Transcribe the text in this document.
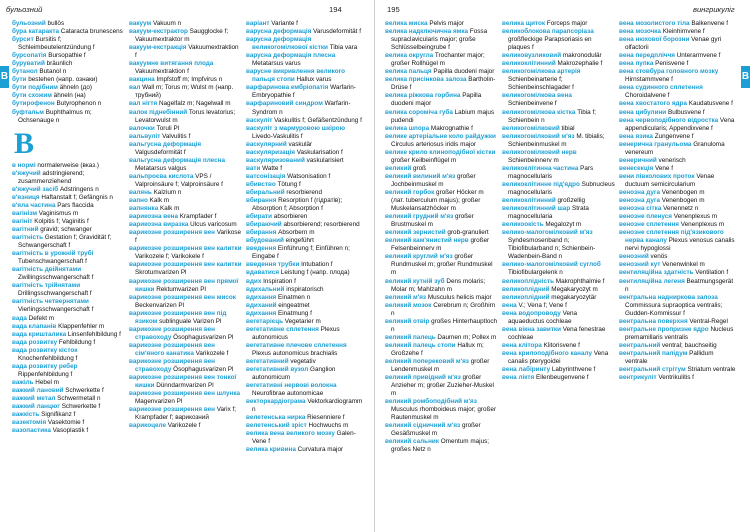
бульозний	194
В
бульозний bullös
бура катаракта Cataracta brunescens
бурсит Bursitis f; Schleimbeutelentzündung f
бурсопатія Bursopathie f
буруватий bräunlich
бутанол Butanol n
бути bestehen (напр. ознаки)
бути подібним ähneln (до)
бути схожим ähneln (на)
бутирофенон Butyrophenon n
буфтальм Buphthalmus m; Ochsenauge n
В
в нормі normalerweise (вказ.)
в'яжучий adstringierend; zusammenziehend
в'яжучий засіб Adstringens n
в'язниця Haftanstalt f; Gefängnis n
в'яла частина Pars flaccida
вагінізм Vaginismus m
вагініт Kolpitis f; Vaginitis f
вагітний gravid; schwanger
вагітність Gestation f; Gravidität f; Schwangerschaft f
вагітність в урожній трубі Tubenschwangerschaft f
вагітність двійнятами Zwillingsschwangerschaft f
вагітність трійнятами Drillingsschwangerschaft f
вагітність четвернятами Vierlingsschwangerschaft f
вада Defekt m
вада клапанів Klappenfehler m
вада кришталика Linsenfehlbildung f
вада розвитку Fehlbildung f
вада розвитку кісток Knochenfehlbildung f
вада розвитку ребер Rippenfehlbildung f
важіль Hebel m
важкий лановий Schwerkette f
важкий метал Schwermetall n
важкий ланцюг Schwerkette f
важкість Signifikanz f
вазектомія Vasektomie f
вазопастика Vasoplastik f
вакуум Vakuum n
вакуум-екстрактор Saugglocke f; Vakuumextraktor m
вакуум-екстракція Vakuumextraktion f
вакуумне витягання плода Vakuumextraktion f
вакцина Impfstoff m; Impfvirus n
вал Wall m; Torus m; Wulst m (напр. трубний)
вал нігтя Nagelfalz m; Nagelwall m
валок піднебінний Torus levatorius; Levatorwulst m
валочки Toruli Pl
вальвуліт Valvulitis f
вальгусна деформація Valgusdeformität f
вальгусна деформація плесна Metatarsus valgus
вальпроєва кислота VPS / Valproinsäure f; Valproinsäure f
валянь Kalzium n
вапно Kalk m
вапнянка Kalk m
варикозна вена Krampfader f
варикозна виразка Ulcus varicosum
варикозне розширення вен Varikose f
варикозне розширення вен калитки Varikozele f; Varikokele f
варикозне розширення вен калитки Skrotumvarizen Pl
варикозне розширення вен прямої кишки Rektumvarizen Pl
варикозне розширення вен мисок Beckenvarizen Pl
варикозне розширення вен під язиком sublinguale Varizen Pl
варикозне розширення вен стравоходу Ösophagusvarizen Pl
варикозне розширення вен сім'яного канатика Varikozele f
варикозне розширення вен стравоходу Ösophagusvarizen Pl
варикозне розширення вен тонкої кишки Dünndarmvarizen Pl
варикозне розширення вен шлунка Magenvarizen Pl
варикозне розширення вен Varix f; Krampfader f; варикозний
варикоцеле Varikozele f
варіант Variante f
варусна деформація Varusdeformität f
варусна деформація великогомілкової кістки Tibia vara
варусна деформація плесна Metatarsus varus
варусне викривлення великого пальця стопи Hallux varus
варфаринова ембріопатія Warfarin-Embryopathie f
варфариновий синдром Warfarin-Syndrom n
васкуліт Vaskulitis f; Gefäßentzündung f
васкуліт з мармуровою шкірою Livedo-Vaskulitis f
васкулярний vaskulär
васкуляризація Vaskularisation f
васкуляризований vaskularisiert
вати Watte f
ватсонізація Watsonisation f
вбивство Tötung f
вбиральний resorbierend
вбирання Resorption f (гідратів); Absorption f; Absorption f
вбирати absorbieren
вбираючий absorbierend; resorbierend
вбирання Absorbern m
вбудований eingeführt
введення Einführung f; Einführen n; Eingabe f
введення трубки Intubation f
вдаватися Leistung f (напр. плода)
вдих Inspiration f
вдихальний inspiratorisch
вдихання Einatmen n
вдиханий eingeatmet
вдихання Einatmung f
вегетарієць Vegetarier m
вегетативне сплетення Plexus autonomicus
вегетативне плечове сплетення Plexus autonomicus brachialis
вегетативний vegetativ
вегетативний вузол Ganglion autonomicum
вегетативні нервові волокна Neurofibrae autonomicae
векторкардіограма Vektorkardiogramm n
велетенська нирка Riesenniere f
велетенський зріст Hochwuchs m
велика вена великого мозку Galen-Vene f
велика кривина Curvatura major
195	вингрикуліг
В
велика миска Pelvis major
велика надключична ямка Fossa supraclavicularis major; große Schlüsselbeingrube f
велика округла Trochanter major; großer Rollhügel m
велика пальця Papilla duodeni major
велика присінкова залоза Bartholin-Drüse f
велика ріжкова горбина Papilla duodeni major
велика сороміча губа Labium majus pudendi
велика шпора Makrognathie f
велике артеріальне коло райдужки Circulus arteriosus iridis major
велике крило клиноподібної кістки großer Keilbeinflügel m
великий groß
великий вилиний м'яз großer Jochbeinmuskel m
великий горбок großer Höcker m (лат. tuberculum majus); großer Muskelansatzhöcker m
великий грудний м'яз großer Brustmuskel m
великий зернистий grob-granuliert
великий кам'янистий нерв großer Felsenbeinnerv m
великий круглий м'яз großer Rundmuskel m; großer Rundmuskel m
великий кутній зуб Dens molaris; Molar m; Mahlzahn m
великий м'яз Musculus helicis major
великий мозок Cerebrum n; Großhirn n
великий отвір großes Hinterhauptloch n
великий палець Daumen m; Pollex m
великий палець стопи Hallux m; Großzehe f
великий поперековий м'яз großer Lendenmuskel m
великий привідний м'яз großer Anzieher m; großer Zuzieher-Muskel m
великий ромбоподібний м'яз Musculus rhomboideus major; großer Rautenmuskel m
великий сідничний м'яз großer Gesäßmuskel m
великий сальник Omentum majus; großes Netz n
велика щиток Forceps major
великоблокова парапсоріаза großfleckige Parapsoriasis en plaques f
великовузликовий makronodulär
великоклітинний Makrozephalie f
великогомілкова артерія Schienbeinarterie f; Schienbeinschlagader f
великогомілкова вена Schienbeinvene f
великогомілкова кістка Tibia f; Schienbein n
великогомілковий tibial
великогомілковий м'яз M. tibialis; Schienbeinmuskel m
великогомілковий нерв Schienbeinnerv m
великоклітинна частина Pars magnocellularis
великоклітинне під'ядро Subnucleus magnocellularis
великоклітинний großzellig
великоклітинний шар Strata magnocellularia
великоокість Megalozyt m
велико-малогомілковий м'яз Syndesmosenband n; Tibiofibularband n; Schienbein-Wadenbein-Band n
велико-малогомілковий суглоб Tibiofibulargelenk n
великоплідність Makrophthalmie f
великоплідний Megakaryozyt m
великоплідний megakaryozytär
вена V.; Vena f; Vene f
вена водопроводу Vena aquaeductus cochleae
вена вікна завитки Vena fenestrae cochleae
вена клітоpa Klitorisvene f
вена крилоподібного каналу Vena canalis pterygoidei
вена лабіринту Labyrinthvene f
вена ліктя Ellenbeugenvene f
вена мозолистого тіла Balkenvene f
вена мозочка Kleinhirnvene f
вена нюхової борозни Venae gyri olfactorii
вена передпліччя Unterarmvene f
вена пупка Penisvene f
вена стовбура головного мозку Hirnstammvene f
вена судинного сплетення Choroidalvene f
вена хвостатого ядра Kaudatusvene f
вена цибулини Bulbusvene f
вена червоподібного відростка Vena appendicularis; Appendixvene f
вена язика Zungenvene f
венерична гранульома Granuloma venereum
венеричний venerisch
венесекція Vene f
вени півколових проток Venae ductuum semicircularium
венозна дуга Venenbogen m
венозна дуга Venenbogen m
венозна сітка Venennetz n
венозне пленуся Venenplexus m
венозне сплетення Venenplexus m
венозне сплетення під'язикового нерва каналу Plexus venosus canalis nervi hypoglossi
венозний venös
венозний кут Venenwinkel m
вентиляційна здатність Ventilation f
вентиляційна легеня Beatmungsgerät n
вентральна надниркова залоза Commissura supraoptica ventralis; Gudden-Kommissur f
вентральна поверхня Ventral-Regel
вентральне пропризне ядро Nucleus premamillaris ventralis
вентральний ventral; bauchseitig
вентральний палідум Pallidum ventrale
вентральний стрітум Striatum ventrale
вентрикуліт Ventrikulitis f
